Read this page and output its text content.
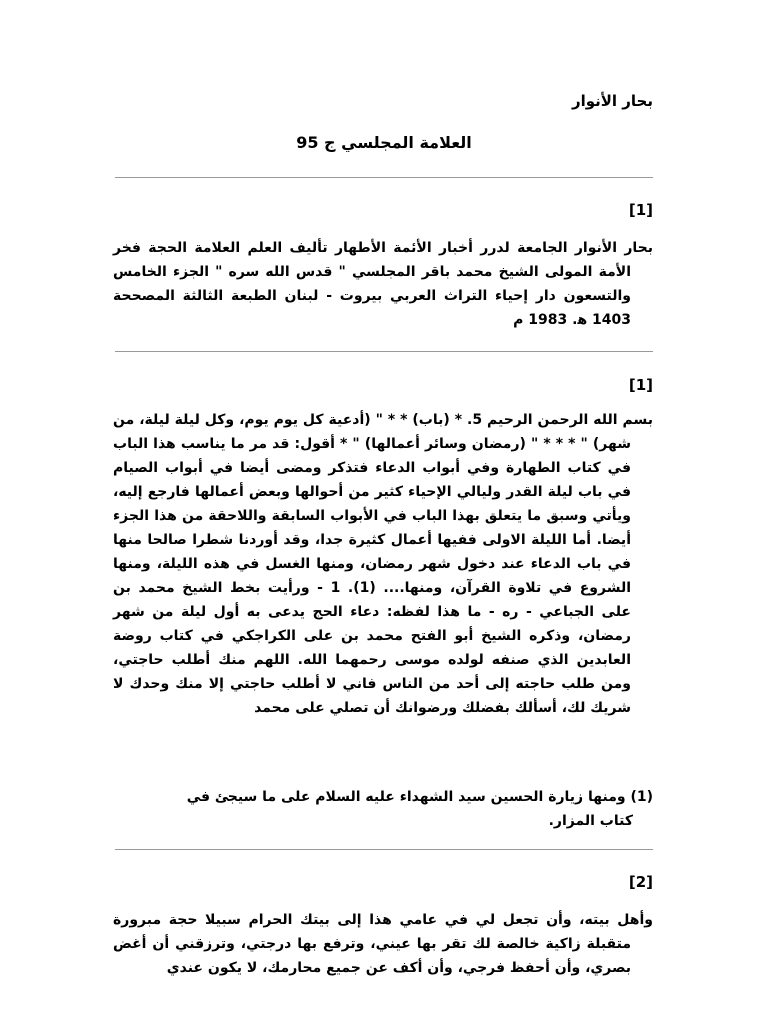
بحار الأنوار
العلامة المجلسي ج 95
[1]
بحار الأنوار الجامعة لدرر أخبار الأئمة الأطهار تأليف العلم العلامة الحجة فخر الأمة المولى الشيخ محمد باقر المجلسي " قدس الله سره " الجزء الخامس والتسعون دار إحياء التراث العربي بيروت - لبنان الطبعة الثالثة المصححة 1403 ه‍. 1983 م
[1]
بسم الله الرحمن الرحيم 5. * (باب) * * " (أدعية كل يوم يوم، وكل ليلة ليلة، من شهر) " * * * " (رمضان وسائر أعمالها) " * أقول: قد مر ما يناسب هذا الباب في كتاب الطهارة وفي أبواب الدعاء فتذكر ومضى أيضا في أبواب الصيام في باب ليلة القدر وليالي الإحياء كثير من أحوالها وبعض أعمالها فارجع إليه، ويأتي وسبق ما يتعلق بهذا الباب في الأبواب السابقة واللاحقة من هذا الجزء أيضا. أما الليلة الاولى ففيها أعمال كثيرة جدا، وقد أوردنا شطرا صالحا منها في باب الدعاء عند دخول شهر رمضان، ومنها الغسل في هذه الليلة، ومنها الشروع في تلاوة القرآن، ومنها.... (1). 1 - ورأيت بخط الشيخ محمد بن على الجباعي - ره - ما هذا لفظه: دعاء الحج يدعى به أول ليلة من شهر رمضان، وذكره الشيخ أبو الفتح محمد بن على الكراجكي في كتاب روضة العابدين الذي صنفه لولده موسى رحمهما الله. اللهم منك أطلب حاجتي، ومن طلب حاجته إلى أحد من الناس فاني لا أطلب حاجتي إلا منك وحدك لا شريك لك، أسألك بفضلك ورضوانك أن تصلي على محمد
(1) ومنها زيارة الحسين سيد الشهداء عليه السلام على ما سيجئ في كتاب المزار.
[2]
وأهل بيته، وأن تجعل لي في عامي هذا إلى بيتك الحرام سبيلا حجة مبرورة متقبلة زاكية خالصة لك تقر بها عيني، وترفع بها درجتي، وترزقني أن أغض بصري، وأن أحفظ فرجي، وأن أكف عن جميع محارمك، لا يكون عندي
